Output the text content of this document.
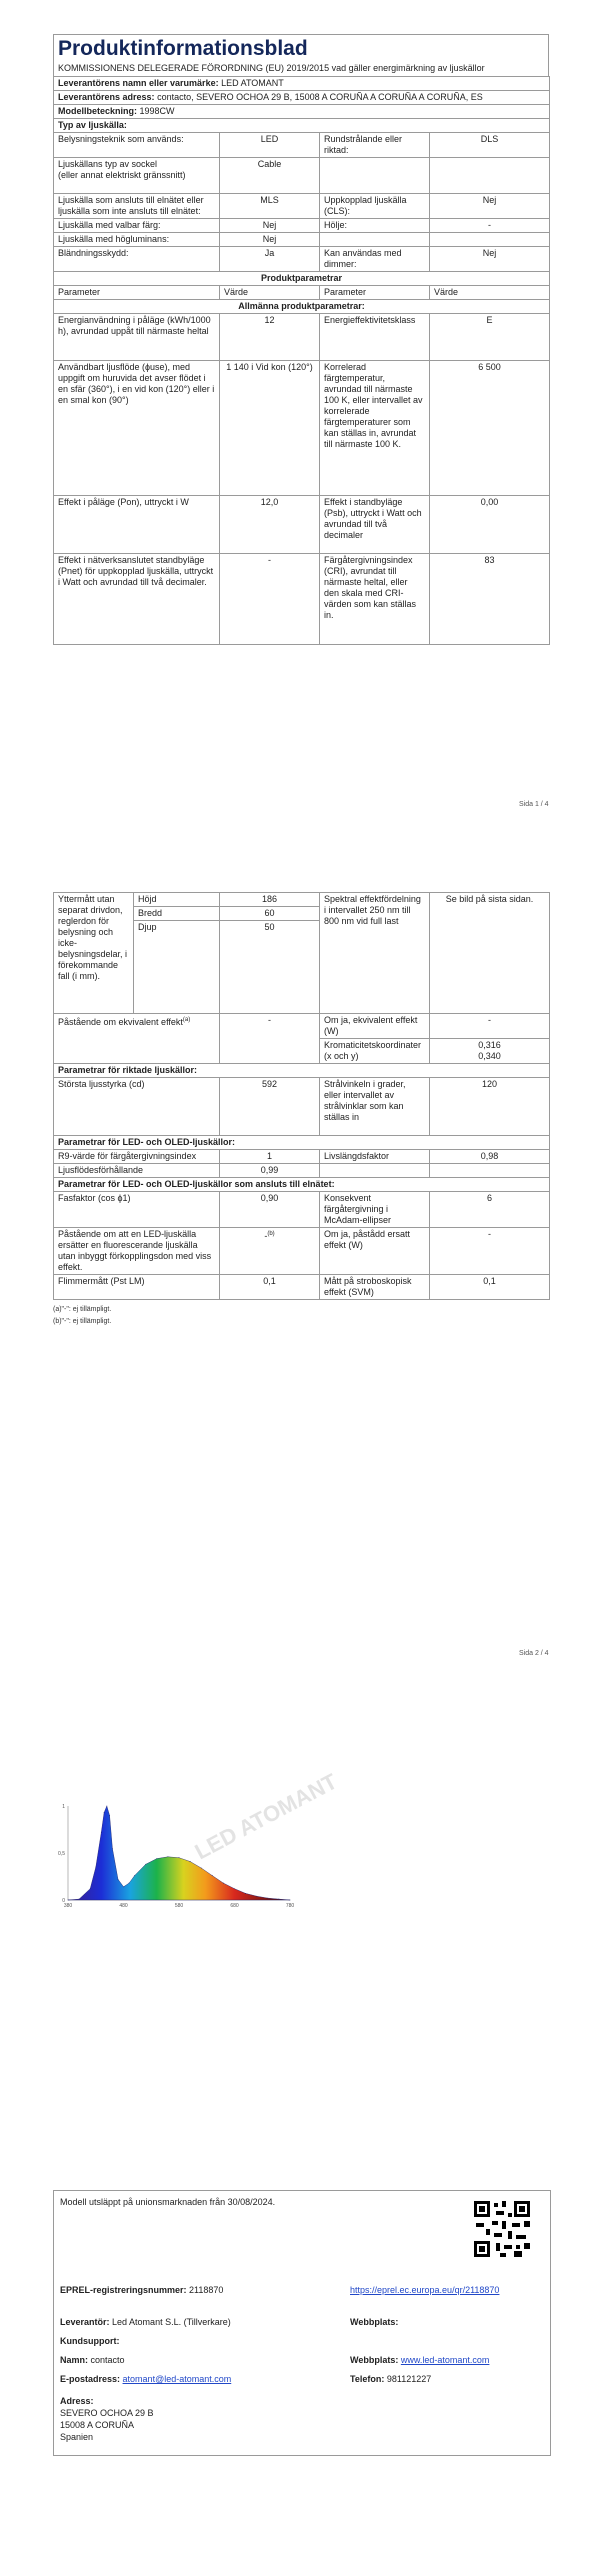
Produktinformationsblad
KOMMISSIONENS DELEGERADE FÖRORDNING (EU) 2019/2015 vad gäller energimärkning av ljuskällor
Leverantörens namn eller varumärke: LED ATOMANT			
Leverantörens adress: contacto, SEVERO OCHOA 29 B, 15008 A CORUÑA A CORUÑA A CORUÑA, ES			
Modellbeteckning: 1998CW			
Typ av ljuskälla:			
Belysningsteknik som används:	LED	Rundstrålande eller riktad:	DLS
Ljuskällans typ av sockel
(eller annat elektriskt gränssnitt)	Cable		
Ljuskälla som ansluts till elnätet eller ljuskälla som inte ansluts till elnätet:	MLS	Uppkopplad ljuskälla (CLS):	Nej
Ljuskälla med valbar färg:	Nej	Hölje:	-
Ljuskälla med högluminans:	Nej		
Bländningsskydd:	Ja	Kan användas med dimmer:	Nej
Produktparametrar			
Parameter	Värde	Parameter	Värde
Allmänna produktparametrar:			
Energianvändning i påläge (kWh/1000 h), avrundad uppåt till närmaste heltal	12	Energieffektivitetsklass	E
Användbart ljusflöde (ɸuse), med uppgift om huruvida det avser flödet i en sfär (360°), i en vid kon (120°) eller i en smal kon (90°)	1 140 i Vid kon (120°)	Korrelerad färgtemperatur, avrundad till närmaste 100 K, eller intervallet av korrelerade färgtemperaturer som kan ställas in, avrundat till närmaste 100 K.	6 500
Effekt i påläge (Pon), uttryckt i W	12,0	Effekt i standbyläge (Psb), uttryckt i Watt och avrundad till två decimaler	0,00
Effekt i nätverksanslutet standbyläge (Pnet) för uppkopplad ljuskälla, uttryckt i Watt och avrundad till två decimaler.	-	Färgåtergivningsindex (CRI), avrundat till närmaste heltal, eller den skala med CRI-värden som kan ställas in.	83
Sida 1 / 4
Yttermått utan separat drivdon, reglerdon för belysning och icke-belysningsdelar, i förekommande fall (i mm).	Höjd	186	Spektral effektfördelning i intervallet 250 nm till 800 nm vid full last	Se bild på sista sidan.
	Bredd	60		
	Djup	50		
Påstående om ekvivalent effekt$^{(a)}$		-	Om ja, ekvivalent effekt (W)	-
			Kromaticitetskoordinater (x och y)	0,316
0,340
Parametrar för riktade ljuskällor:				
Största ljusstyrka (cd)		592	Strålvinkeln i grader, eller intervallet av strålvinklar som kan ställas in	120
Parametrar för LED- och OLED-ljuskällor:				
R9-värde för färgåtergivningsindex		1	Livslängdsfaktor	0,98
Ljusflödesförhållande		0,99		
Parametrar för LED- och OLED-ljuskällor som ansluts till elnätet:				
Fasfaktor (cos ϕ1)		0,90	Konsekvent färgåtergivning i McAdam-ellipser	6
Påstående om att en LED-ljuskälla ersätter en fluorescerande ljuskälla utan inbyggt förkopplingsdon med viss effekt.		-$^{(b)}$	Om ja, påstådd ersatt effekt (W)	-
Flimmermått (Pst LM)		0,1	Mått på stroboskopisk effekt (SVM)	0,1
(a)"-": ej tillämpligt.
(b)"-": ej tillämpligt.
Sida 2 / 4
0
0,5
1
380	480	580	680	780
LED ATOMANT
Modell utsläppt på unionsmarknaden från 30/08/2024.
EPREL-registreringsnummer: 2118870	https://eprel.ec.europa.eu/qr/2118870
Leverantör: Led Atomant S.L. (Tillverkare)	Webbplats:
Kundsupport:
Namn: contacto	Webbplats: www.led-atomant.com
E-postadress: atomant@led-atomant.com	Telefon: 981121227
Adress:
SEVERO OCHOA 29 B
15008 A CORUÑA
Spanien
